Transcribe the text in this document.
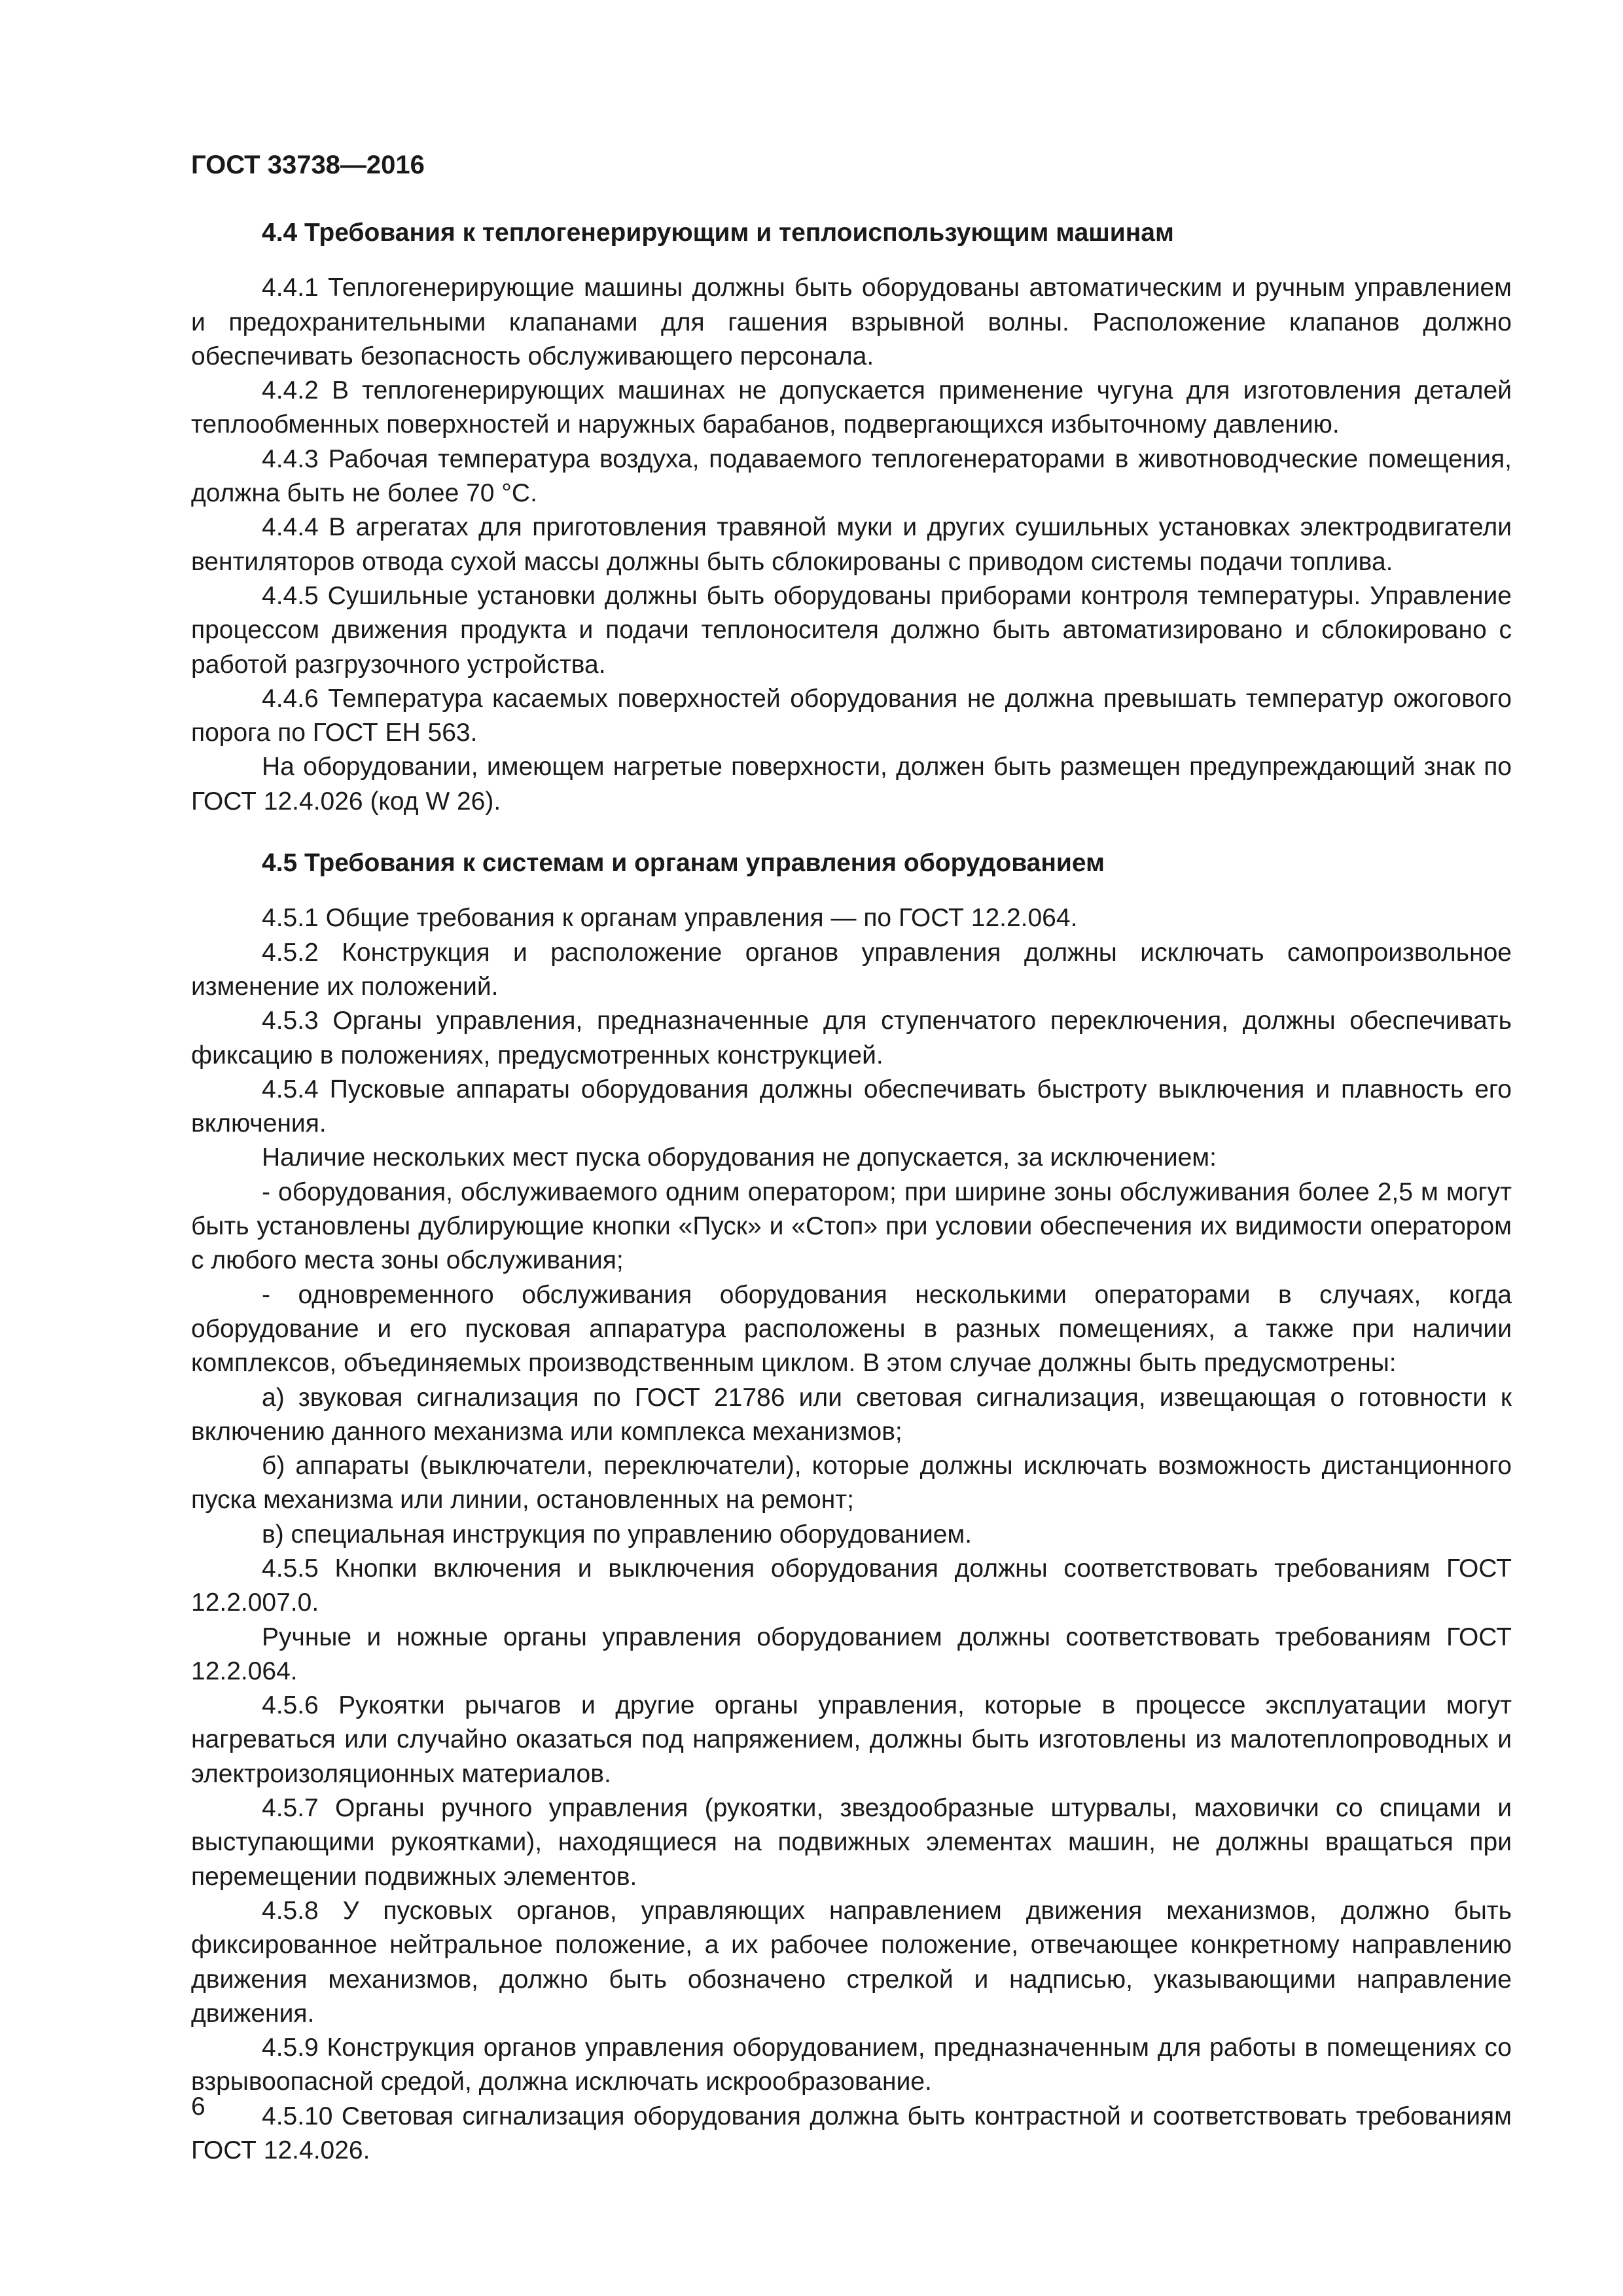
ГОСТ 33738—2016
4.4 Требования к теплогенерирующим и теплоиспользующим машинам

4.4.1 Теплогенерирующие машины должны быть оборудованы автоматическим и ручным управлением и предохранительными клапанами для гашения взрывной волны. Расположение клапанов должно обеспечивать безопасность обслуживающего персонала.

4.4.2 В теплогенерирующих машинах не допускается применение чугуна для изготовления деталей теплообменных поверхностей и наружных барабанов, подвергающихся избыточному давлению.

4.4.3 Рабочая температура воздуха, подаваемого теплогенераторами в животноводческие помещения, должна быть не более 70 °С.

4.4.4 В агрегатах для приготовления травяной муки и других сушильных установках электродвигатели вентиляторов отвода сухой массы должны быть сблокированы с приводом системы подачи топлива.

4.4.5 Сушильные установки должны быть оборудованы приборами контроля температуры. Управление процессом движения продукта и подачи теплоносителя должно быть автоматизировано и сблокировано с работой разгрузочного устройства.

4.4.6 Температура касаемых поверхностей оборудования не должна превышать температур ожогового порога по ГОСТ ЕН 563.

На оборудовании, имеющем нагретые поверхности, должен быть размещен предупреждающий знак по ГОСТ 12.4.026 (код W 26).

4.5 Требования к системам и органам управления оборудованием

4.5.1 Общие требования к органам управления — по ГОСТ 12.2.064.

4.5.2 Конструкция и расположение органов управления должны исключать самопроизвольное изменение их положений.

4.5.3 Органы управления, предназначенные для ступенчатого переключения, должны обеспечивать фиксацию в положениях, предусмотренных конструкцией.

4.5.4 Пусковые аппараты оборудования должны обеспечивать быстроту выключения и плавность его включения.

Наличие нескольких мест пуска оборудования не допускается, за исключением:

- оборудования, обслуживаемого одним оператором; при ширине зоны обслуживания более 2,5 м могут быть установлены дублирующие кнопки «Пуск» и «Стоп» при условии обеспечения их видимости оператором с любого места зоны обслуживания;

- одновременного обслуживания оборудования несколькими операторами в случаях, когда оборудование и его пусковая аппаратура расположены в разных помещениях, а также при наличии комплексов, объединяемых производственным циклом. В этом случае должны быть предусмотрены:

а) звуковая сигнализация по ГОСТ 21786 или световая сигнализация, извещающая о готовности к включению данного механизма или комплекса механизмов;

б) аппараты (выключатели, переключатели), которые должны исключать возможность дистанционного пуска механизма или линии, остановленных на ремонт;

в) специальная инструкция по управлению оборудованием.

4.5.5 Кнопки включения и выключения оборудования должны соответствовать требованиям ГОСТ 12.2.007.0.

Ручные и ножные органы управления оборудованием должны соответствовать требованиям ГОСТ 12.2.064.

4.5.6 Рукоятки рычагов и другие органы управления, которые в процессе эксплуатации могут нагреваться или случайно оказаться под напряжением, должны быть изготовлены из малотеплопроводных и электроизоляционных материалов.

4.5.7 Органы ручного управления (рукоятки, звездообразные штурвалы, маховички со спицами и выступающими рукоятками), находящиеся на подвижных элементах машин, не должны вращаться при перемещении подвижных элементов.

4.5.8 У пусковых органов, управляющих направлением движения механизмов, должно быть фиксированное нейтральное положение, а их рабочее положение, отвечающее конкретному направлению движения механизмов, должно быть обозначено стрелкой и надписью, указывающими направление движения.

4.5.9 Конструкция органов управления оборудованием, предназначенным для работы в помещениях со взрывоопасной средой, должна исключать искрообразование.

4.5.10 Световая сигнализация оборудования должна быть контрастной и соответствовать требованиям ГОСТ 12.4.026.

6
